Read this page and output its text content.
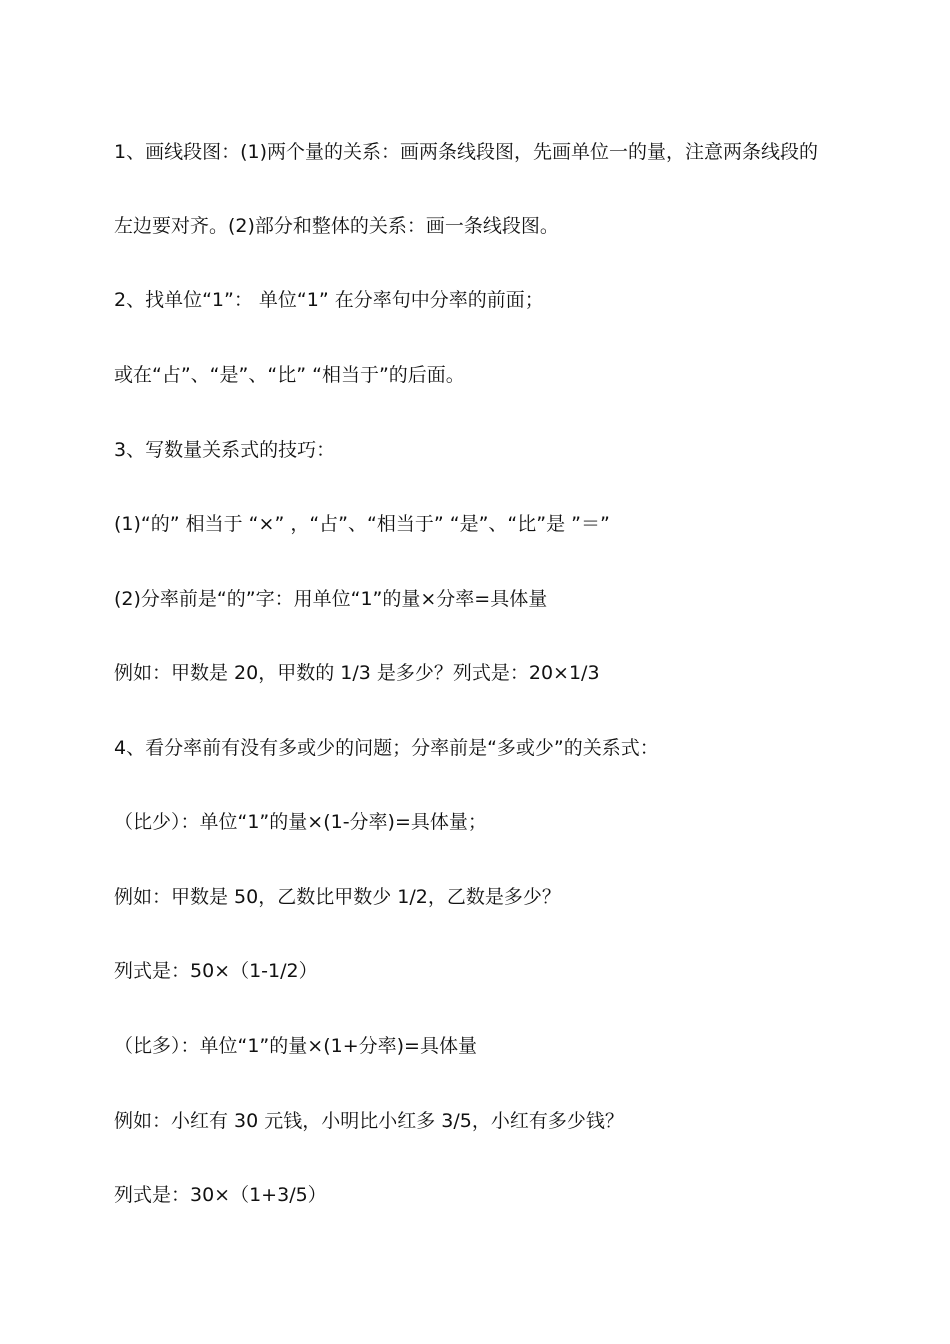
1、画线段图：(1)两个量的关系：画两条线段图，先画单位一的量，注意两条线段的
左边要对齐。(2)部分和整体的关系：画一条线段图。
2、找单位“1”： 单位“1” 在分率句中分率的前面；
或在“占”、“是”、“比” “相当于”的后面。
3、写数量关系式的技巧：
(1)“的” 相当于 “×” ，“占”、“相当于” “是”、“比”是 ”＝”
(2)分率前是“的”字：用单位“1”的量×分率=具体量
例如：甲数是 20，甲数的 1/3 是多少？列式是：20×1/3
4、看分率前有没有多或少的问题；分率前是“多或少”的关系式：
（比少）：单位“1”的量×(1-分率)=具体量；
例如：甲数是 50，乙数比甲数少 1/2，乙数是多少？
列式是：50×（1-1/2）
（比多）：单位“1”的量×(1+分率)=具体量
例如：小红有 30 元钱，小明比小红多 3/5，小红有多少钱？
列式是：30×（1+3/5）
